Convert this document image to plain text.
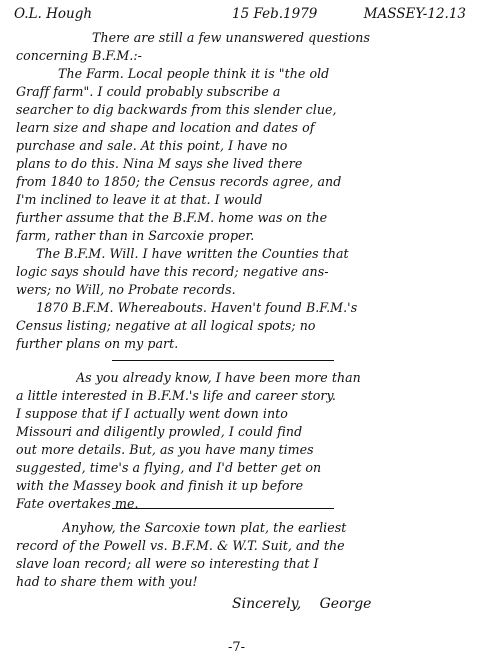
O.L. Hough	15 Feb.1979	MASSEY-12.13
There are still a few unanswered questions
concerning B.F.M.:-
The Farm. Local people think it is "the old
Graff farm". I could probably subscribe a
searcher to dig backwards from this slender clue,
learn size and shape and location and dates of
purchase and sale. At this point, I have no
plans to do this. Nina M says she lived there
from 1840 to 1850; the Census records agree, and
I'm inclined to leave it at that. I would
further assume that the B.F.M. home was on the
farm, rather than in Sarcoxie proper.
The B.F.M. Will. I have written the Counties that
logic says should have this record; negative ans-
wers; no Will, no Probate records.
1870 B.F.M. Whereabouts. Haven't found B.F.M.'s
Census listing; negative at all logical spots; no
further plans on my part.
As you already know, I have been more than
a little interested in B.F.M.'s life and career story.
I suppose that if I actually went down into
Missouri and diligently prowled, I could find
out more details. But, as you have many times
suggested, time's a flying, and I'd better get on
with the Massey book and finish it up before
Fate overtakes me.
Anyhow, the Sarcoxie town plat, the earliest
record of the Powell vs. B.F.M. & W.T. Suit, and the
slave loan record; all were so interesting that I
had to share them with you!
Sincerely, George
-7-
